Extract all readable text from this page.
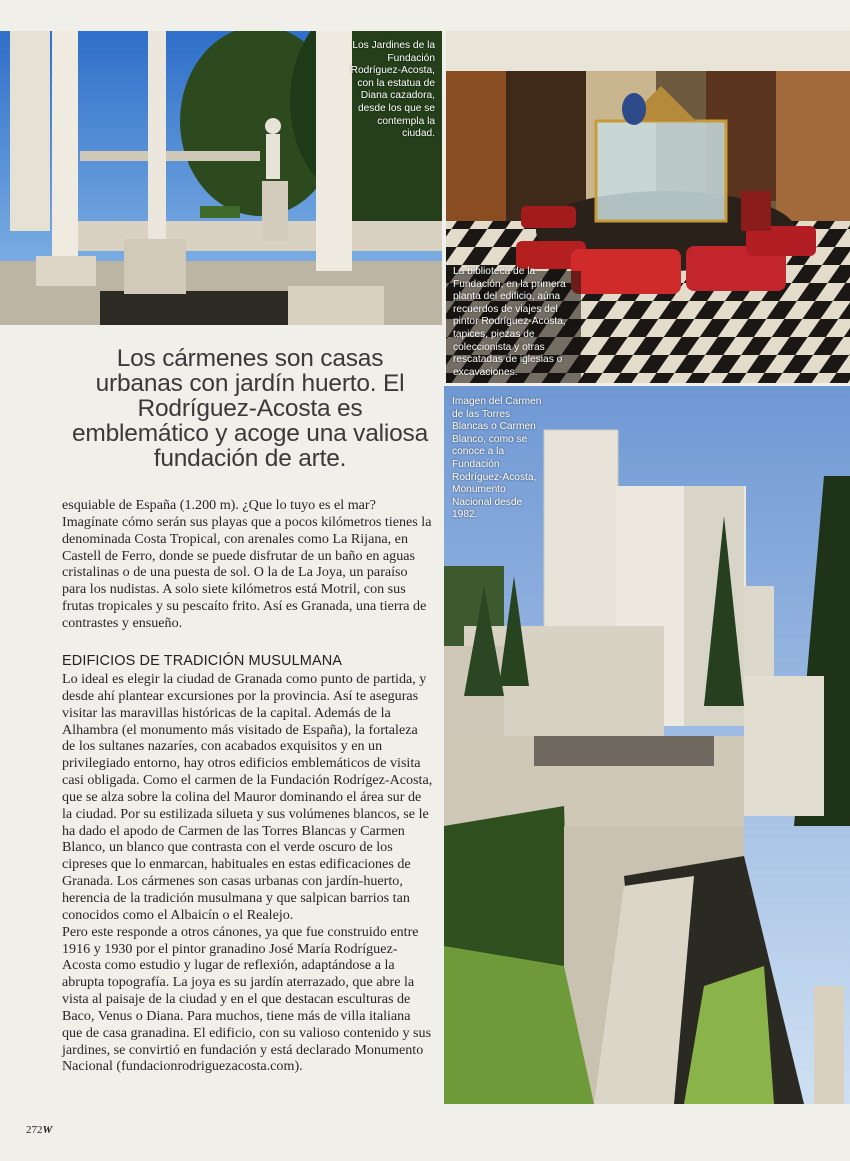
Los Jardines de la Fundación Rodríguez-Acosta, con la estatua de Diana cazadora, desde los que se contempla la ciudad.
La biblioteca de la Fundación, en la primera planta del edificio, aúna recuerdos de viajes del pintor Rodríguez-Acosta, tapices, piezas de coleccionista y otras rescatadas de iglesias o excavaciones.
Imagen del Carmen de las Torres Blancas o Carmen Blanco, como se conoce a la Fundación Rodríguez-Acosta, Monumento Nacional desde 1982.
Los cármenes son casas urbanas con jardín huerto. El Rodríguez-Acosta es emblemático y acoge una valiosa fundación de arte.
esquiable de España (1.200 m). ¿Que lo tuyo es el mar? Imagínate cómo serán sus playas que a pocos kilómetros tienes la denominada Costa Tropical, con arenales como La Rijana, en Castell de Ferro, donde se puede disfrutar de un baño en aguas cristalinas o de una puesta de sol. O la de La Joya, un paraíso para los nudistas. A solo siete kilómetros está Motril, con sus frutas tropicales y su pescaíto frito. Así es Granada, una tierra de contrastes y ensueño.
EDIFICIOS DE TRADICIÓN MUSULMANA
Lo ideal es elegir la ciudad de Granada como punto de partida, y desde ahí plantear excursiones por la provincia. Así te aseguras visitar las maravillas históricas de la capital. Además de la Alhambra (el monumento más visitado de España), la fortaleza de los sultanes nazaríes, con acabados exquisitos y en un privilegiado entorno, hay otros edificios emblemáticos de visita casi obligada. Como el carmen de la Fundación Rodrígez-Acosta, que se alza sobre la colina del Mauror dominando el área sur de la ciudad. Por su estilizada silueta y sus volúmenes blancos, se le ha dado el apodo de Carmen de las Torres Blancas y Carmen Blanco, un blanco que contrasta con el verde oscuro de los cipreses que lo enmarcan, habituales en estas edificaciones de Granada. Los cármenes son casas urbanas con jardín-huerto, herencia de la tradición musulmana y que salpican barrios tan conocidos como el Albaicín o el Realejo.
Pero este responde a otros cánones, ya que fue construido entre 1916 y 1930 por el pintor granadino José María Rodríguez-Acosta como estudio y lugar de reflexión, adaptándose a la abrupta topografía. La joya es su jardín aterrazado, que abre la vista al paisaje de la ciudad y en el que destacan esculturas de Baco, Venus o Diana. Para muchos, tiene más de villa italiana que de casa granadina. El edificio, con su valioso contenido y sus jardines, se convirtió en fundación y está declarado Monumento Nacional (fundacionrodriguezacosta.com).
272W
